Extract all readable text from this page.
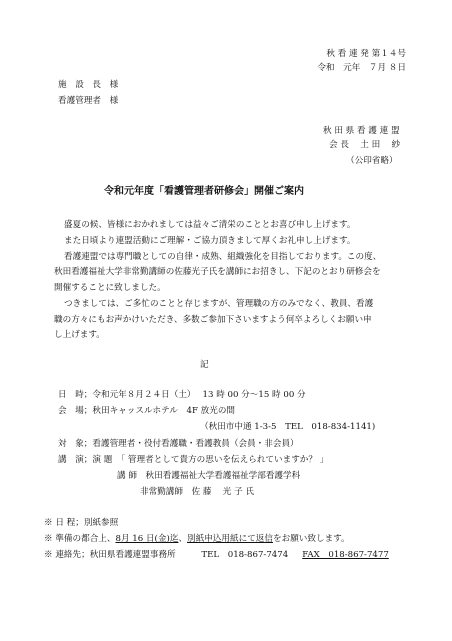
秋 看 連 発 第１４号
令和　元年　７月 ８日
施　設　長　様
看護管理者　様
秋 田 県 看 護 連 盟
会 長　 土 田　 紗
（公印省略）
令和元年度「看護管理者研修会」開催ご案内
盛夏の候、皆様におかれましては益々ご清栄のこととお喜び申し上げます。
また日頃より連盟活動にご理解・ご協力頂きまして厚くお礼申し上げます。
看護連盟では専門職としての自律・成熟、組織強化を目指しております。この度、
秋田看護福祉大学非常勤講師の佐藤光子氏を講師にお招きし、下記のとおり研修会を
開催することに致しました。
つきましては、ご多忙のことと存じますが、管理職の方のみでなく、教員、看護
職の方々にもお声かけいただき、多数ご参加下さいますよう何卒よろしくお願い申
し上げます。
記
日　時；令和元年８月２４日（土）　 13 時 00 分～15 時 00 分
会　場；秋田キャッスルホテル　4F 放光の間
（秋田市中通 1-3-5　TEL　018-834-1141)
対　象；看護管理者・役付看護職・看護教員（会員・非会員）
講　演；演 題　「 管理者として貴方の思いを伝えられていますか？ 」
講 師　秋田看護福祉大学看護福祉学部看護学科
非常勤講師　佐 藤　 光 子 氏
※ 日 程；別紙参照
※ 準備の都合上、8月 16 日(金)迄、別紙申込用紙にて返信をお願い致します。
※ 連絡先；秋田県看護連盟事務所　　　TEL　018-867-7474 FAX　018-867-7477
